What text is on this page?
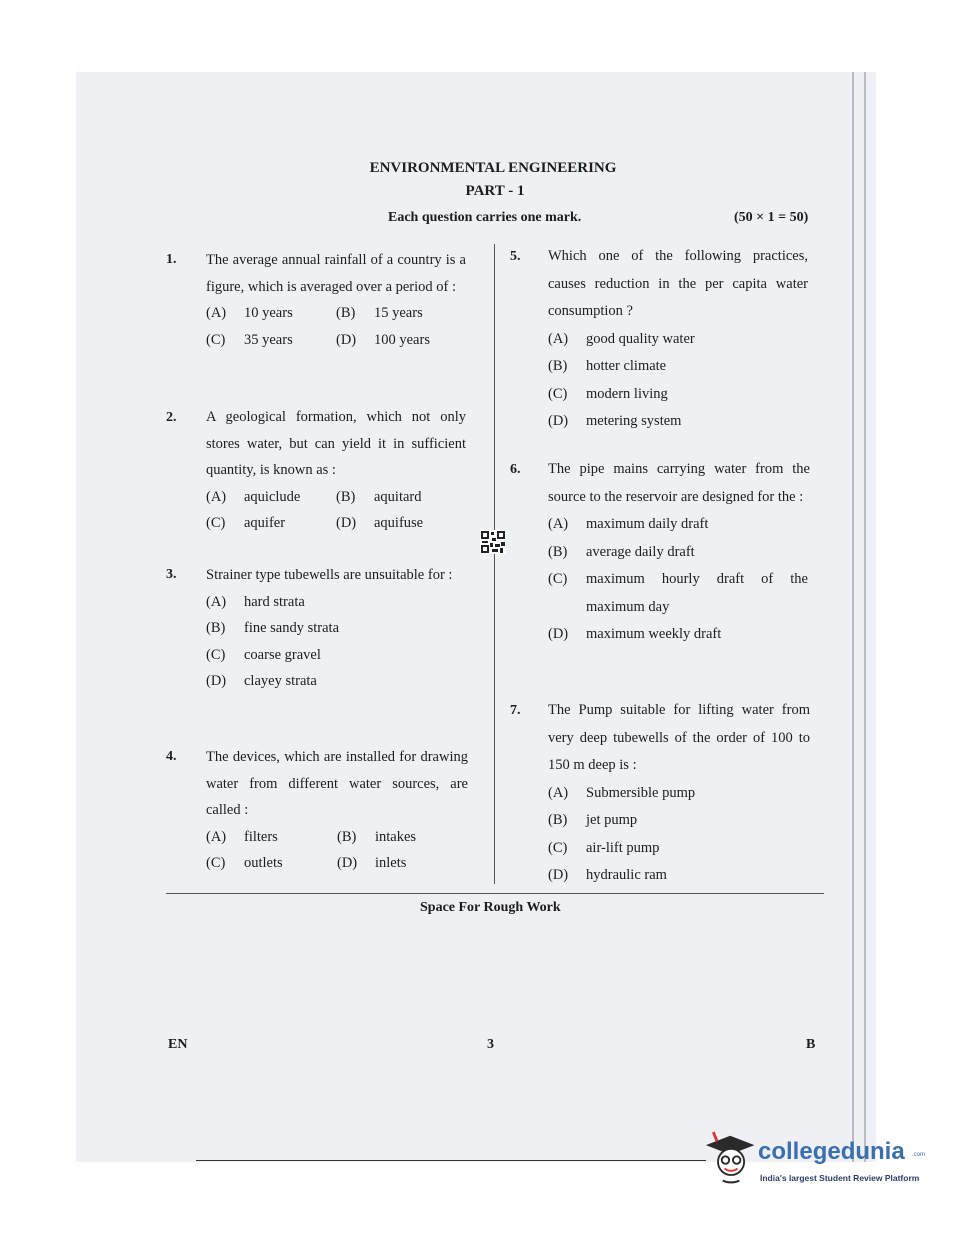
ENVIRONMENTAL ENGINEERING
PART - 1
Each question carries one mark.	(50 × 1 = 50)
1. The average annual rainfall of a country is a figure, which is averaged over a period of :
(A)	10 years	(B)	15 years
(C)	35 years	(D)	100 years
2. A geological formation, which not only stores water, but can yield it in sufficient quantity, is known as :
(A)	aquiclude (B)	aquitard
(C)	aquifer	(D)	aquifuse
3. Strainer type tubewells are unsuitable for :
(A)	hard strata
(B)	fine sandy strata
(C)	coarse gravel
(D)	clayey strata
4. The devices, which are installed for drawing water from different water sources, are called :
(A)	filters	(B)	intakes
(C)	outlets	(D)	inlets
5. Which one of the following practices, causes reduction in the per capita water consumption ?
(A)	good quality water
(B)	hotter climate
(C)	modern living
(D)	metering system
6. The pipe mains carrying water from the source to the reservoir are designed for the :
(A)	maximum daily draft
(B)	average daily draft
(C)	maximum hourly draft of the maximum day
(D)	maximum weekly draft
7. The Pump suitable for lifting water from very deep tubewells of the order of 100 to 150 m deep is :
(A)	Submersible pump
(B)	jet pump
(C)	air-lift pump
(D)	hydraulic ram
Space For Rough Work
EN	3	B
collegedunia .com
India's largest Student Review Platform
